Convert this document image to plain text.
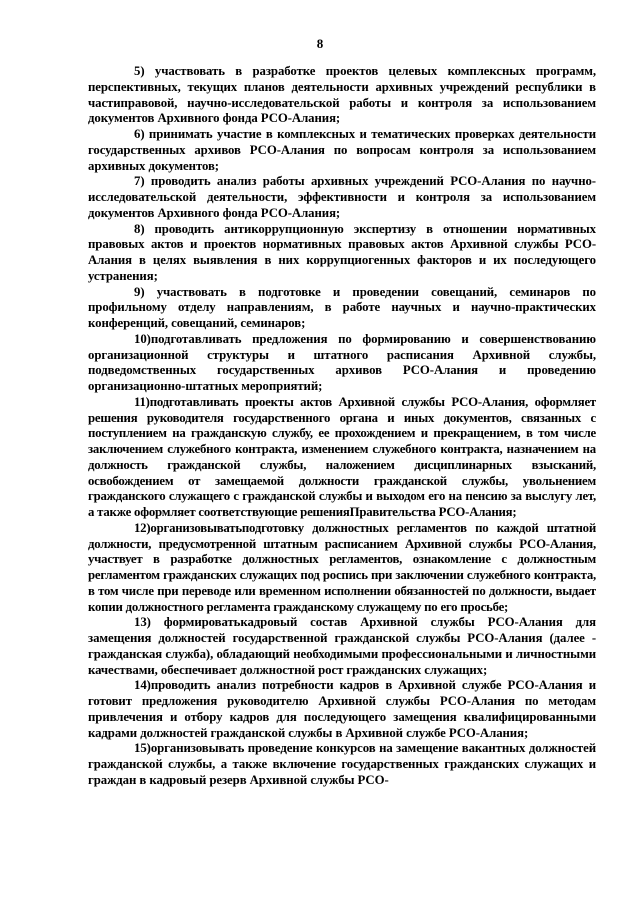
8

5) участвовать в разработке проектов целевых комплексных программ, перспективных, текущих планов деятельности архивных учреждений республики в частиправовой, научно-исследовательской работы и контроля за использованием документов Архивного фонда РСО-Алания;

6) принимать участие в комплексных и тематических проверках деятельности государственных архивов РСО-Алания по вопросам контроля за использованием архивных документов;

7) проводить анализ работы архивных учреждений РСО-Алания по научно-исследовательской деятельности, эффективности и контроля за использованием документов Архивного фонда РСО-Алания;

8) проводить антикоррупционную экспертизу в отношении нормативных правовых актов и проектов нормативных правовых актов Архивной службы РСО-Алания в целях выявления в них коррупциогенных факторов и их последующего устранения;

9) участвовать в подготовке и проведении совещаний, семинаров по профильному отделу направлениям, в работе научных и научно-практических конференций, совещаний, семинаров;

10)подготавливать предложения по формированию и совершенствованию организационной структуры и штатного расписания Архивной службы, подведомственных государственных архивов РСО-Алания и проведению организационно-штатных мероприятий;

11)подготавливать проекты актов Архивной службы РСО-Алания, оформляет решения руководителя государственного органа и иных документов, связанных с поступлением на гражданскую службу, ее прохождением и прекращением, в том числе заключением служебного контракта, изменением служебного контракта, назначением на должность гражданской службы, наложением дисциплинарных взысканий, освобождением от замещаемой должности гражданской службы, увольнением гражданского служащего с гражданской службы и выходом его на пенсию за выслугу лет, а также оформляет соответствующие решенияПравительства РСО-Алания;

12)организовыватьподготовку должностных регламентов по каждой штатной должности, предусмотренной штатным расписанием Архивной службы РСО-Алания, участвует в разработке должностных регламентов, ознакомление с должностным регламентом гражданских служащих под роспись при заключении служебного контракта, в том числе при переводе или временном исполнении обязанностей по должности, выдает копии должностного регламента гражданскому служащему по его просьбе;

13) формироватькадровый состав Архивной службы РСО-Алания для замещения должностей государственной гражданской службы РСО-Алания (далее - гражданская служба), обладающий необходимыми профессиональными и личностными качествами, обеспечивает должностной рост гражданских служащих;

14)проводить анализ потребности кадров в Архивной службе РСО-Алания и готовит предложения руководителю Архивной службы РСО-Алания по методам привлечения и отбору кадров для последующего замещения квалифицированными кадрами должностей гражданской службы в Архивной службе РСО-Алания;

15)организовывать проведение конкурсов на замещение вакантных должностей гражданской службы, а также включение государственных гражданских служащих и граждан в кадровый резерв Архивной службы РСО-
